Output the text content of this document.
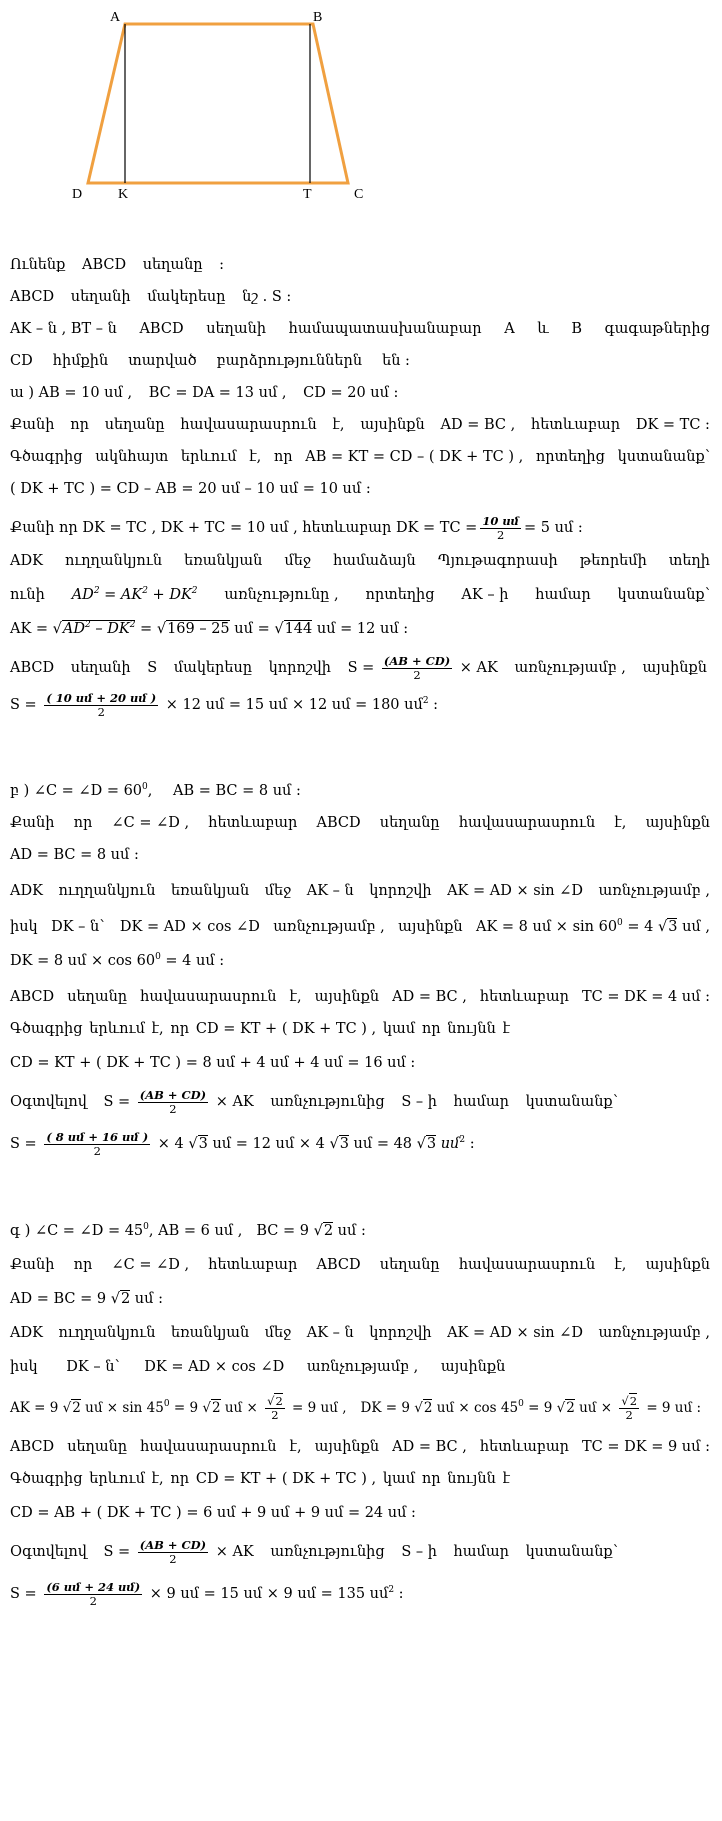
A	B
D	K	T	C
Ունենք ABCD սեղանը :
ABCD սեղանի մակերեսը նշ . S :
AK – ն , BT – ն ABCD սեղանի համապատասխանաբար A և B գագաթներից
CD հիմքին տարված բարձրություններն են :
ա ) AB = 10 սմ , BC = DA = 13 սմ , CD = 20 սմ :
Քանի որ սեղանը հավասարասրուն է, այսինքն AD = BC , հետևաբար DK = TC :
Գծագրից ակնհայտ երևում է, որ AB = KT = CD – ( DK + TC ) , որտեղից կստանանք՝
( DK + TC ) = CD – AB = 20 սմ – 10 սմ = 10 սմ :
Քանի որ DK = TC , DK + TC = 10 սմ , հետևաբար DK = TC = $\frac{\text{10 սմ}}{2} = 5$ սմ :
ADK ուղղանկյուն եռանկյան մեջ համաձայն Պյութագորասի թեորեմի տեղի
ունի $AD^2 = AK^2 + DK^2$ առնչությունը , որտեղից AK – ի համար կստանանք՝
AK = $√AD^2 - DK^2 = √169 - 25$ սմ = √144 սմ = 12 սմ :
ABCD սեղանի S մակերեսը կորոշվի $S = \frac{(AB + CD)}{2}$ × AK առնչությամբ , այսինքն
$S = \frac{\text{( 10 սմ + 20 սմ )}}{2} \times 12$ սմ = 15 սմ × 12 սմ = 180 սմ$^2$ :
բ ) ∠C = ∠D = $60^0$, AB = BC = 8 սմ :
Քանի որ ∠C = ∠D , հետևաբար ABCD սեղանը հավասարասրուն է, այսինքն
AD = BC = 8 սմ :
ADK ուղղանկյուն եռանկյան մեջ AK – ն կորոշվի AK = AD × sin ∠D առնչությամբ ,
իսկ DK – ն` DK = AD × cos ∠D առնչությամբ , այսինքն AK = 8 սմ × $\sin 60^0 = 4$ √3 սմ ,
DK = 8 սմ × $\cos 60^0 = 4$ սմ :
ABCD սեղանը հավասարասրուն է, այսինքն AD = BC , հետևաբար TC = DK = 4 սմ :
Գծագրից երևում է, որ CD = KT + ( DK + TC ) , կամ որ նույնն է
CD = KT + ( DK + TC ) = 8 սմ + 4 սմ + 4 սմ = 16 սմ :
Օգտվելով $S = \frac{(AB + CD)}{2}$ × AK առնչությունից S – ի համար կստանանք՝
$S = \frac{\text{( 8 սմ + 16 սմ )}}{2} \times 4$ √3 սմ = 12 սմ × 4 √3 սմ = 48 √3 սմ$^2$ :
գ ) ∠C = ∠D = $45^0$, AB = 6 սմ , BC = 9 √2 սմ :
Քանի որ ∠C = ∠D , հետևաբար ABCD սեղանը հավասարասրուն է, այսինքն
AD = BC = 9 √2 սմ :
ADK ուղղանկյուն եռանկյան մեջ AK – ն կորոշվի AK = AD × sin ∠D առնչությամբ ,
իսկ DK – ն` DK = AD × cos ∠D առնչությամբ , այսինքն
AK = 9 √2 սմ × $\sin 45^0 = 9$ √2 սմ × $\frac{√2}{2} = 9$ սմ , DK = 9 √2 սմ × $\cos 45^0 = 9$ √2 սմ × $\frac{√2}{2} = 9$ սմ :
ABCD սեղանը հավասարասրուն է, այսինքն AD = BC , հետևաբար TC = DK = 9 սմ :
Գծագրից երևում է, որ CD = KT + ( DK + TC ) , կամ որ նույնն է
CD = AB + ( DK + TC ) = 6 սմ + 9 սմ + 9 սմ = 24 սմ :
Օգտվելով $S = \frac{(AB + CD)}{2}$ × AK առնչությունից S – ի համար կստանանք՝
$S = \frac{\text{(6 սմ + 24 սմ)}}{2} \times 9$ սմ = 15 սմ × 9 սմ = 135 սմ$^2$ :
